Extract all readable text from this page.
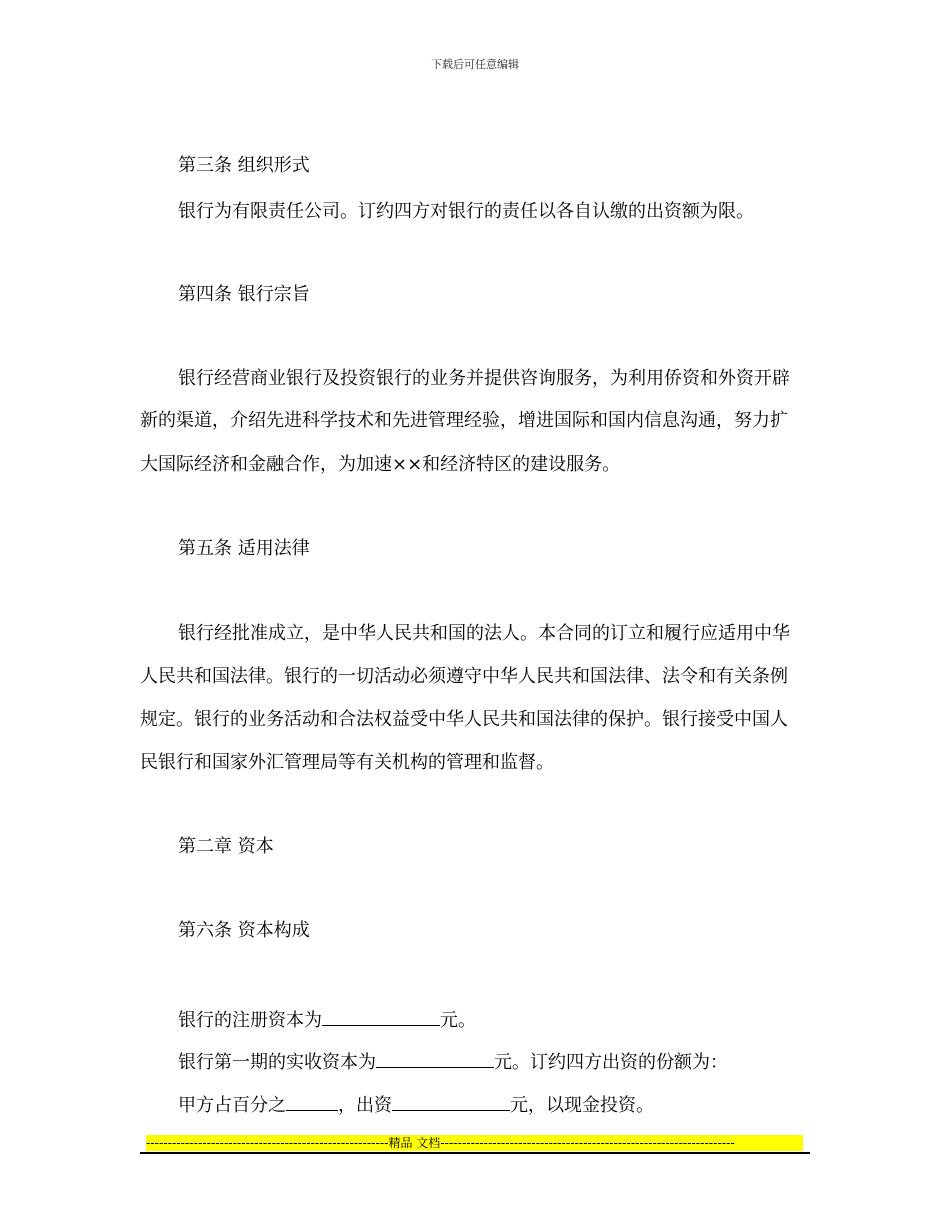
下载后可任意编辑
第三条 组织形式
银行为有限责任公司。订约四方对银行的责任以各自认缴的出资额为限。
第四条 银行宗旨
银行经营商业银行及投资银行的业务并提供咨询服务，为利用侨资和外资开辟
新的渠道，介绍先进科学技术和先进管理经验，增进国际和国内信息沟通，努力扩
大国际经济和金融合作，为加速××和经济特区的建设服务。
第五条 适用法律
银行经批准成立，是中华人民共和国的法人。本合同的订立和履行应适用中华
人民共和国法律。银行的一切活动必须遵守中华人民共和国法律、法令和有关条例
规定。银行的业务活动和合法权益受中华人民共和国法律的保护。银行接受中国人
民银行和国家外汇管理局等有关机构的管理和监督。
第二章 资本
第六条 资本构成
银行的注册资本为	元。
银行第一期的实收资本为	元。订约四方出资的份额为：
甲方占百分之	，出资	元，以现金投资。
--------------------------------------------------------精品 文档--------------------------------------------------------------------
